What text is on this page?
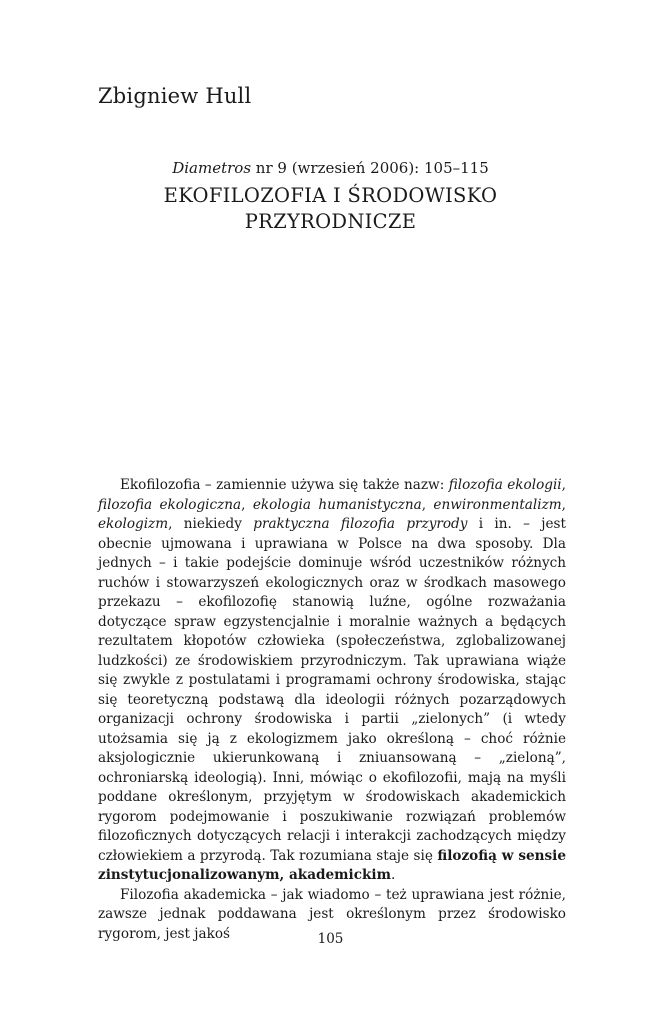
Zbigniew Hull
Diametros nr 9 (wrzesień 2006): 105–115
EKOFILOZOFIA I ŚRODOWISKO
PRZYRODNICZE

Ekofilozofia – zamiennie używa się także nazw: filozofia ekologii, filozofia ekologiczna, ekologia humanistyczna, enwironmentalizm, ekologizm, niekiedy praktyczna filozofia przyrody i in. – jest obecnie ujmowana i uprawiana w Polsce na dwa sposoby. Dla jednych – i takie podejście dominuje wśród uczestników różnych ruchów i stowarzyszeń ekologicznych oraz w środkach masowego przekazu – ekofilozofię stanowią luźne, ogólne rozważania dotyczące spraw egzystencjalnie i moralnie ważnych a będących rezultatem kłopotów człowieka (społeczeństwa, zglobalizowanej ludzkości) ze środowiskiem przyrodniczym. Tak uprawiana wiąże się zwykle z postulatami i programami ochrony środowiska, stając się teoretyczną podstawą dla ideologii różnych pozarządowych organizacji ochrony środowiska i partii „zielonych” (i wtedy utożsamia się ją z ekologizmem jako określoną – choć różnie aksjologicznie ukierunkowaną i zniuansowaną – „zieloną”, ochroniarską ideologią). Inni, mówiąc o ekofilozofii, mają na myśli poddane określonym, przyjętym w środowiskach akademickich rygorom podejmowanie i poszukiwanie rozwiązań problemów filozoficznych dotyczących relacji i interakcji zachodzących między człowiekiem a przyrodą. Tak rozumiana staje się filozofią w sensie zinstytucjonalizowanym, akademickim.

Filozofia akademicka – jak wiadomo – też uprawiana jest różnie, zawsze jednak poddawana jest określonym przez środowisko rygorom, jest jakoś	105
